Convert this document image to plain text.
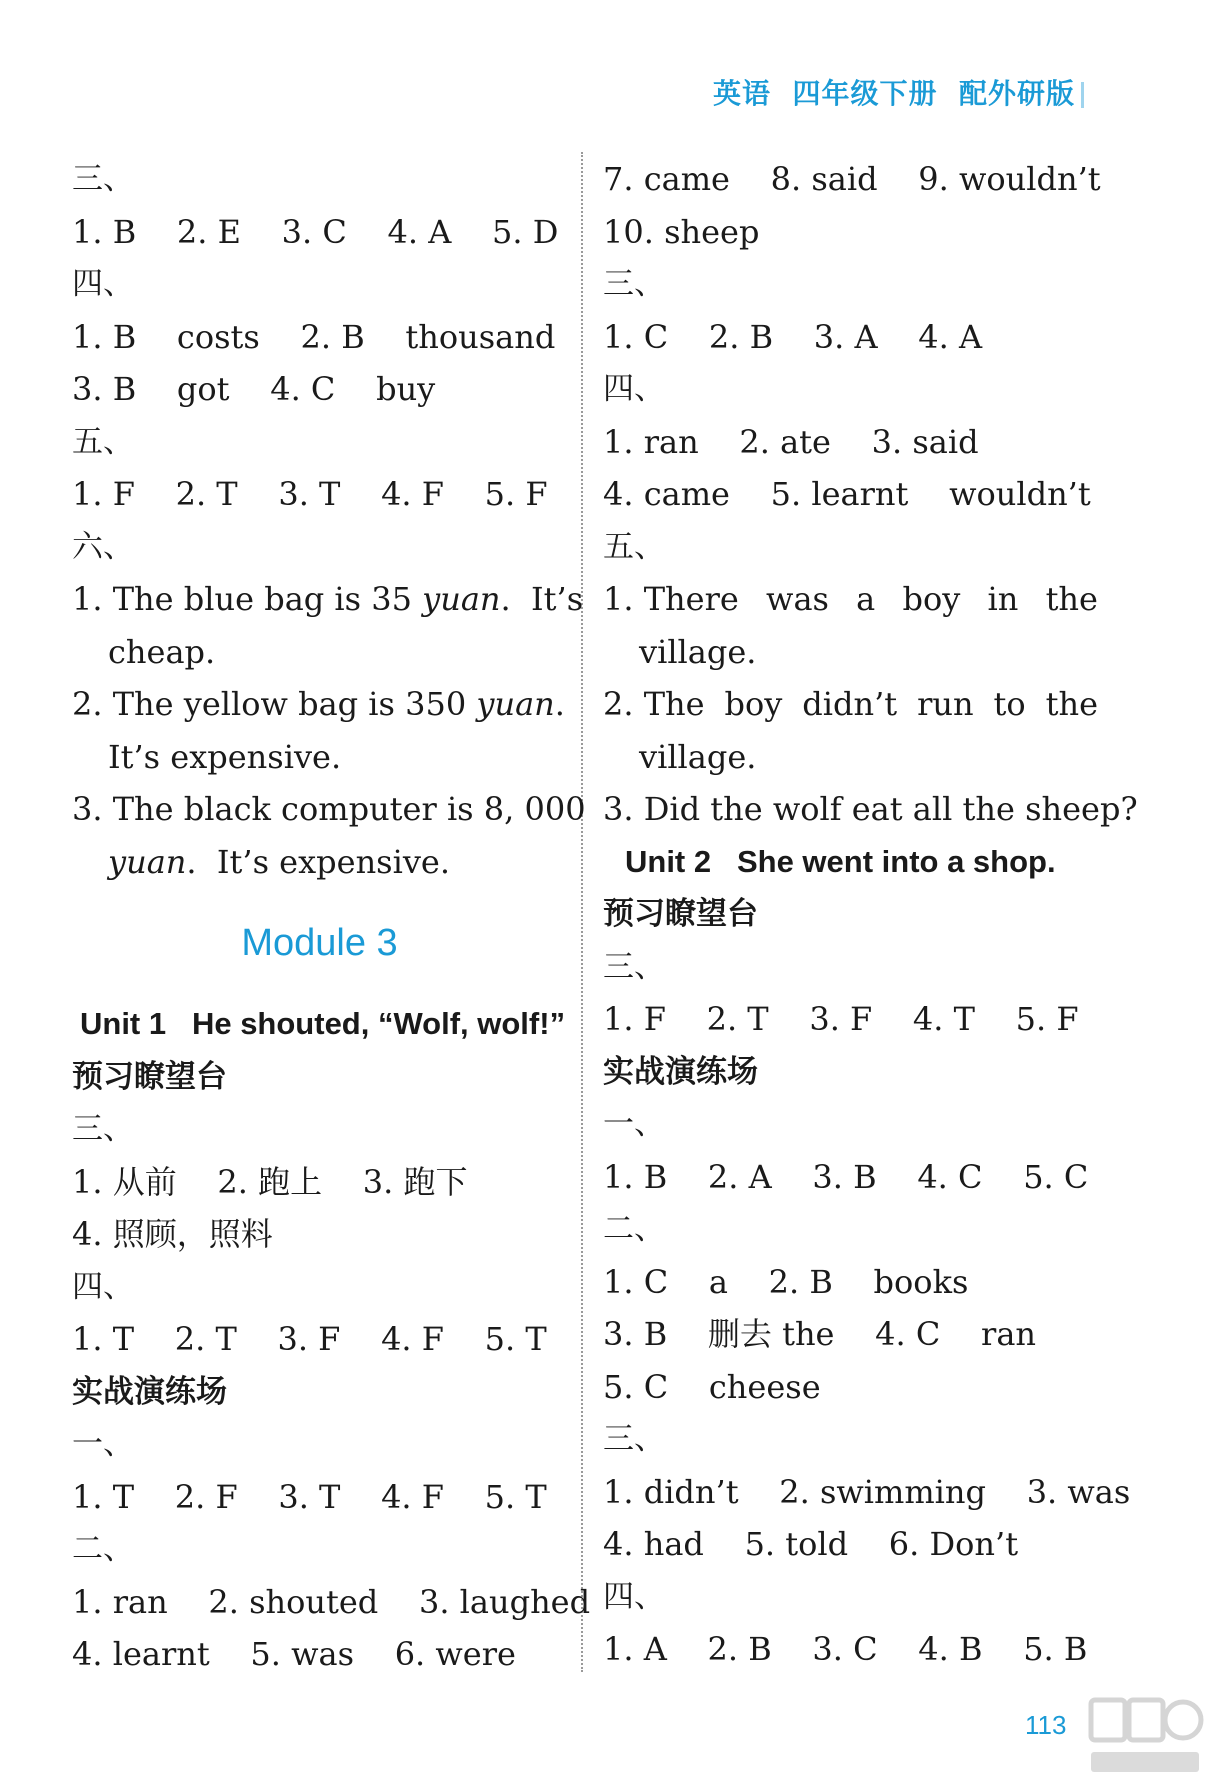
英语  四年级下册  配外研版
三、
1. B    2. E    3. C    4. A    5. D
四、
1. B    costs    2. B    thousand
3. B    got    4. C    buy
五、
1. F    2. T    3. T    4. F    5. F
六、
1. The blue bag is 35 yuan.  It’s
cheap.
2. The yellow bag is 350 yuan.
It’s expensive.
3. The black computer is 8, 000
yuan.  It’s expensive.
Module 3
Unit 1   He shouted, “Wolf, wolf!”
预习瞭望台
三、
1. 从前    2. 跑上    3. 跑下
4. 照顾，照料
四、
1. T    2. T    3. F    4. F    5. T
实战演练场
一、
1. T    2. F    3. T    4. F    5. T
二、
1. ran    2. shouted    3. laughed
4. learnt    5. was    6. were
7. came    8. said    9. wouldn’t
10. sheep
三、
1. C    2. B    3. A    4. A
四、
1. ran    2. ate    3. said
4. came    5. learnt    wouldn’t
五、
1. There was a boy in the
village.
2. The boy didn’t run to the
village.
3. Did the wolf eat all the sheep?
Unit 2   She went into a shop.
预习瞭望台
三、
1. F    2. T    3. F    4. T    5. F
实战演练场
一、
1. B    2. A    3. B    4. C    5. C
二、
1. C    a    2. B    books
3. B    删去 the    4. C    ran
5. C    cheese
三、
1. didn’t    2. swimming    3. was
4. had    5. told    6. Don’t
四、
1. A    2. B    3. C    4. B    5. B
113
